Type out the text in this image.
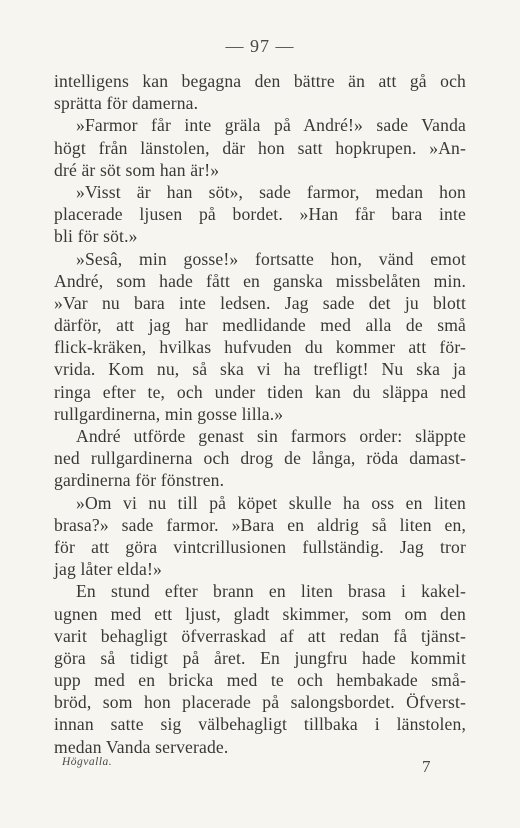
— 97 —
intelligens kan begagna den bättre än att gå och
sprätta för damerna.
»Farmor får inte gräla på André!» sade Vanda
högt från länstolen, där hon satt hopkrupen. »An-
dré är söt som han är!»
»Visst är han söt», sade farmor, medan hon
placerade ljusen på bordet. »Han får bara inte
bli för söt.»
»Sesâ, min gosse!» fortsatte hon, vänd emot
André, som hade fått en ganska missbelåten min.
»Var nu bara inte ledsen. Jag sade det ju blott
därför, att jag har medlidande med alla de små
flick-kräken, hvilkas hufvuden du kommer att för-
vrida. Kom nu, så ska vi ha trefligt! Nu ska ja
ringa efter te, och under tiden kan du släppa ned
rullgardinerna, min gosse lilla.»
André utförde genast sin farmors order: släppte
ned rullgardinerna och drog de långa, röda damast-
gardinerna för fönstren.
»Om vi nu till på köpet skulle ha oss en liten
brasa?» sade farmor. »Bara en aldrig så liten en,
för att göra vintcrillusionen fullständig. Jag tror
jag låter elda!»
En stund efter brann en liten brasa i kakel-
ugnen med ett ljust, gladt skimmer, som om den
varit behagligt öfverraskad af att redan få tjänst-
göra så tidigt på året. En jungfru hade kommit
upp med en bricka med te och hembakade små-
bröd, som hon placerade på salongsbordet. Öfverst-
innan satte sig välbehagligt tillbaka i länstolen,
medan Vanda serverade.
Högvalla.	7
